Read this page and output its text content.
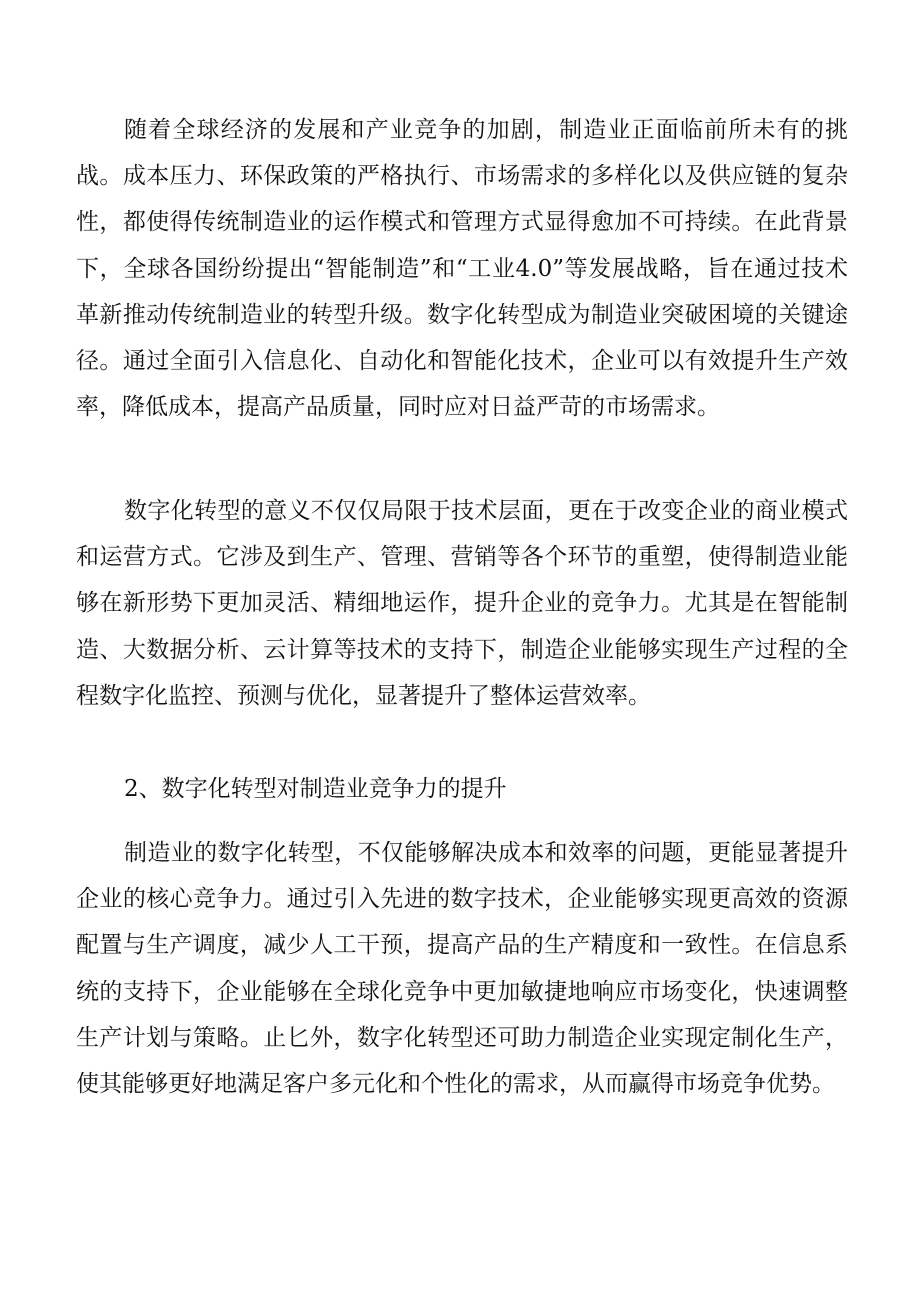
随着全球经济的发展和产业竞争的加剧，制造业正面临前所未有的挑战。成本压力、环保政策的严格执行、市场需求的多样化以及供应链的复杂性，都使得传统制造业的运作模式和管理方式显得愈加不可持续。在此背景下，全球各国纷纷提出“智能制造”和“工业4.0”等发展战略，旨在通过技术革新推动传统制造业的转型升级。数字化转型成为制造业突破困境的关键途径。通过全面引入信息化、自动化和智能化技术，企业可以有效提升生产效率，降低成本，提高产品质量，同时应对日益严苛的市场需求。

数字化转型的意义不仅仅局限于技术层面，更在于改变企业的商业模式和运营方式。它涉及到生产、管理、营销等各个环节的重塑，使得制造业能够在新形势下更加灵活、精细地运作，提升企业的竞争力。尤其是在智能制造、大数据分析、云计算等技术的支持下，制造企业能够实现生产过程的全程数字化监控、预测与优化，显著提升了整体运营效率。

2、数字化转型对制造业竞争力的提升

制造业的数字化转型，不仅能够解决成本和效率的问题，更能显著提升企业的核心竞争力。通过引入先进的数字技术，企业能够实现更高效的资源配置与生产调度，减少人工干预，提高产品的生产精度和一致性。在信息系统的支持下，企业能够在全球化竞争中更加敏捷地响应市场变化，快速调整生产计划与策略。止匕外，数字化转型还可助力制造企业实现定制化生产，使其能够更好地满足客户多元化和个性化的需求，从而赢得市场竞争优势。
